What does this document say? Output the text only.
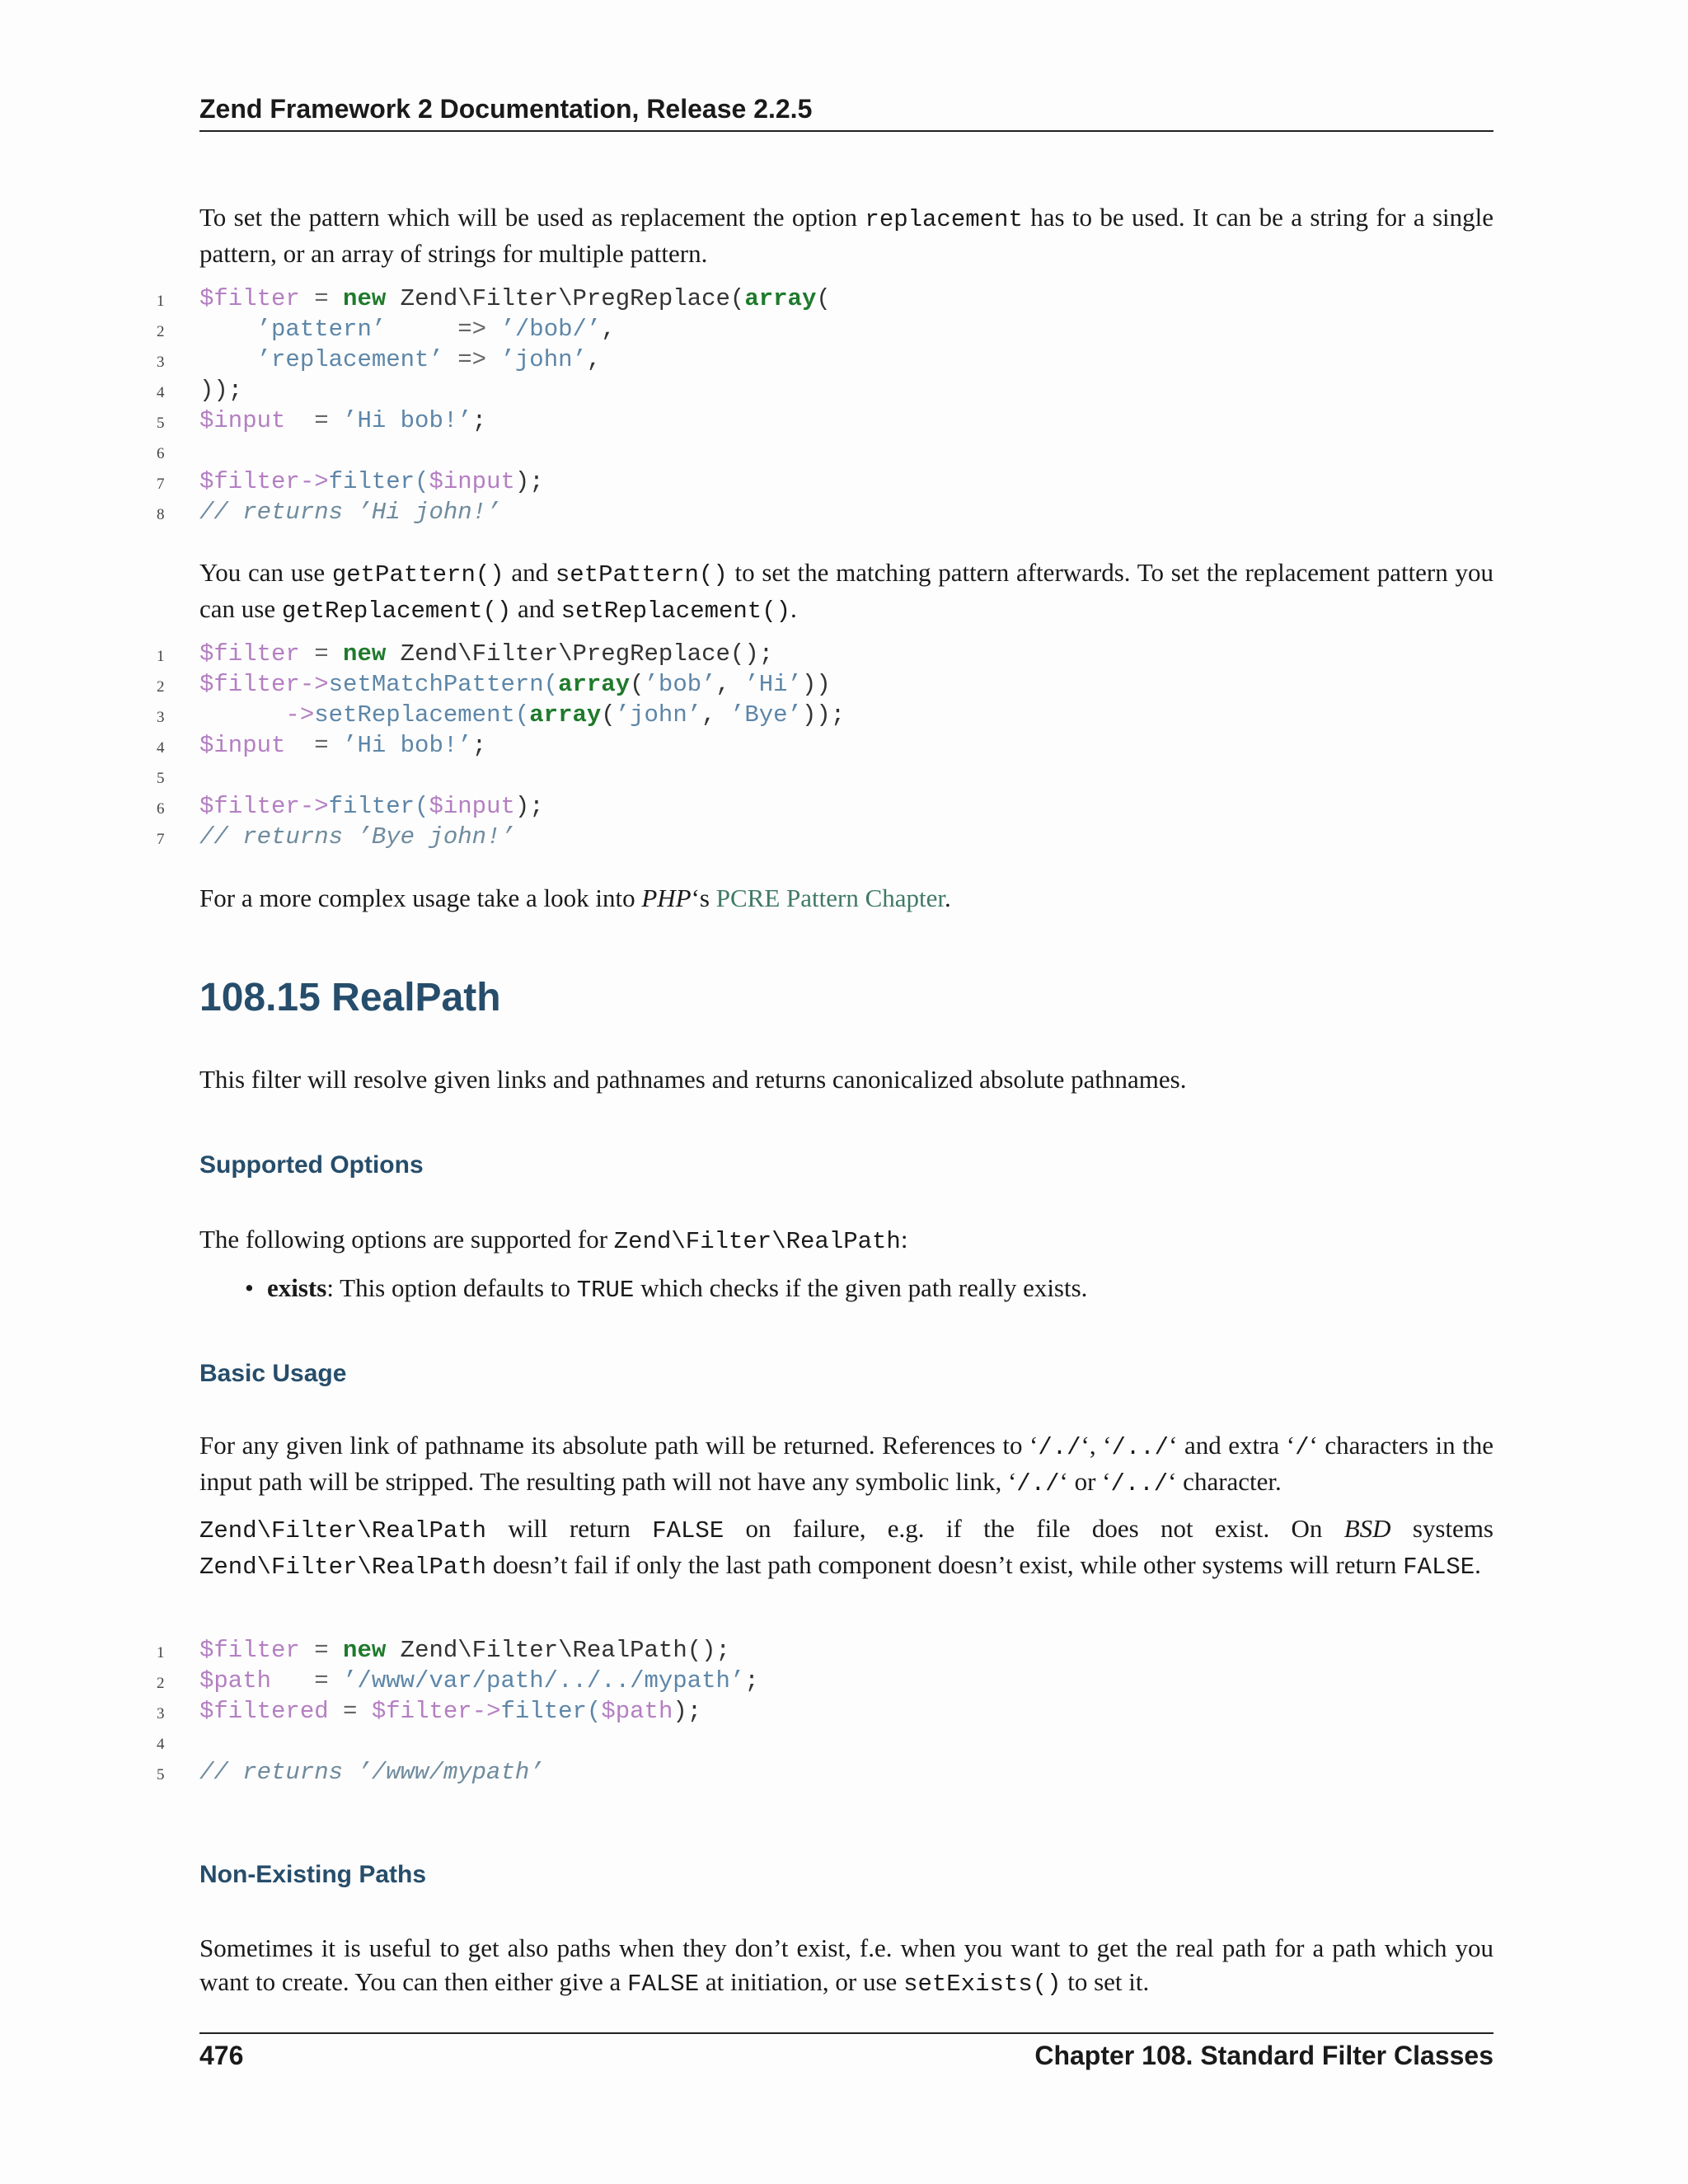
Zend Framework 2 Documentation, Release 2.2.5

To set the pattern which will be used as replacement the option replacement has to be used. It can be a string for a single pattern, or an array of strings for multiple pattern.

1 $filter = new Zend\Filter\PregReplace(array(
2	’pattern’     => ’/bob/’,
3	’replacement’ => ’john’,
4 ));
5 $input  = ’Hi bob!’;
6
7 $filter->filter($input);
8 // returns ’Hi john!’

You can use getPattern() and setPattern() to set the matching pattern afterwards. To set the replacement pattern you can use getReplacement() and setReplacement().

1 $filter = new Zend\Filter\PregReplace();
2 $filter->setMatchPattern(array(’bob’, ’Hi’))
3	->setReplacement(array(’john’, ’Bye’));
4 $input  = ’Hi bob!’;
5
6 $filter->filter($input);
7 // returns ’Bye john!’

For a more complex usage take a look into PHP‘s PCRE Pattern Chapter.

108.15 RealPath

This filter will resolve given links and pathnames and returns canonicalized absolute pathnames.

Supported Options

The following options are supported for Zend\Filter\RealPath:

• exists: This option defaults to TRUE which checks if the given path really exists.
Basic Usage

For any given link of pathname its absolute path will be returned. References to ‘/./‘, ‘/../‘ and extra ‘/‘ characters in the input path will be stripped. The resulting path will not have any symbolic link, ‘/./‘ or ‘/../‘ character.

Zend\Filter\RealPath will return FALSE on failure, e.g. if the file does not exist. On BSD systems Zend\Filter\RealPath doesn’t fail if only the last path component doesn’t exist, while other systems will return FALSE.

1 $filter = new Zend\Filter\RealPath();
2 $path   = ’/www/var/path/../../mypath’;
3 $filtered = $filter->filter($path);
4
5 // returns ’/www/mypath’
Non-Existing Paths

Sometimes it is useful to get also paths when they don’t exist, f.e. when you want to get the real path for a path which you want to create. You can then either give a FALSE at initiation, or use setExists() to set it.

476	Chapter 108. Standard Filter Classes
